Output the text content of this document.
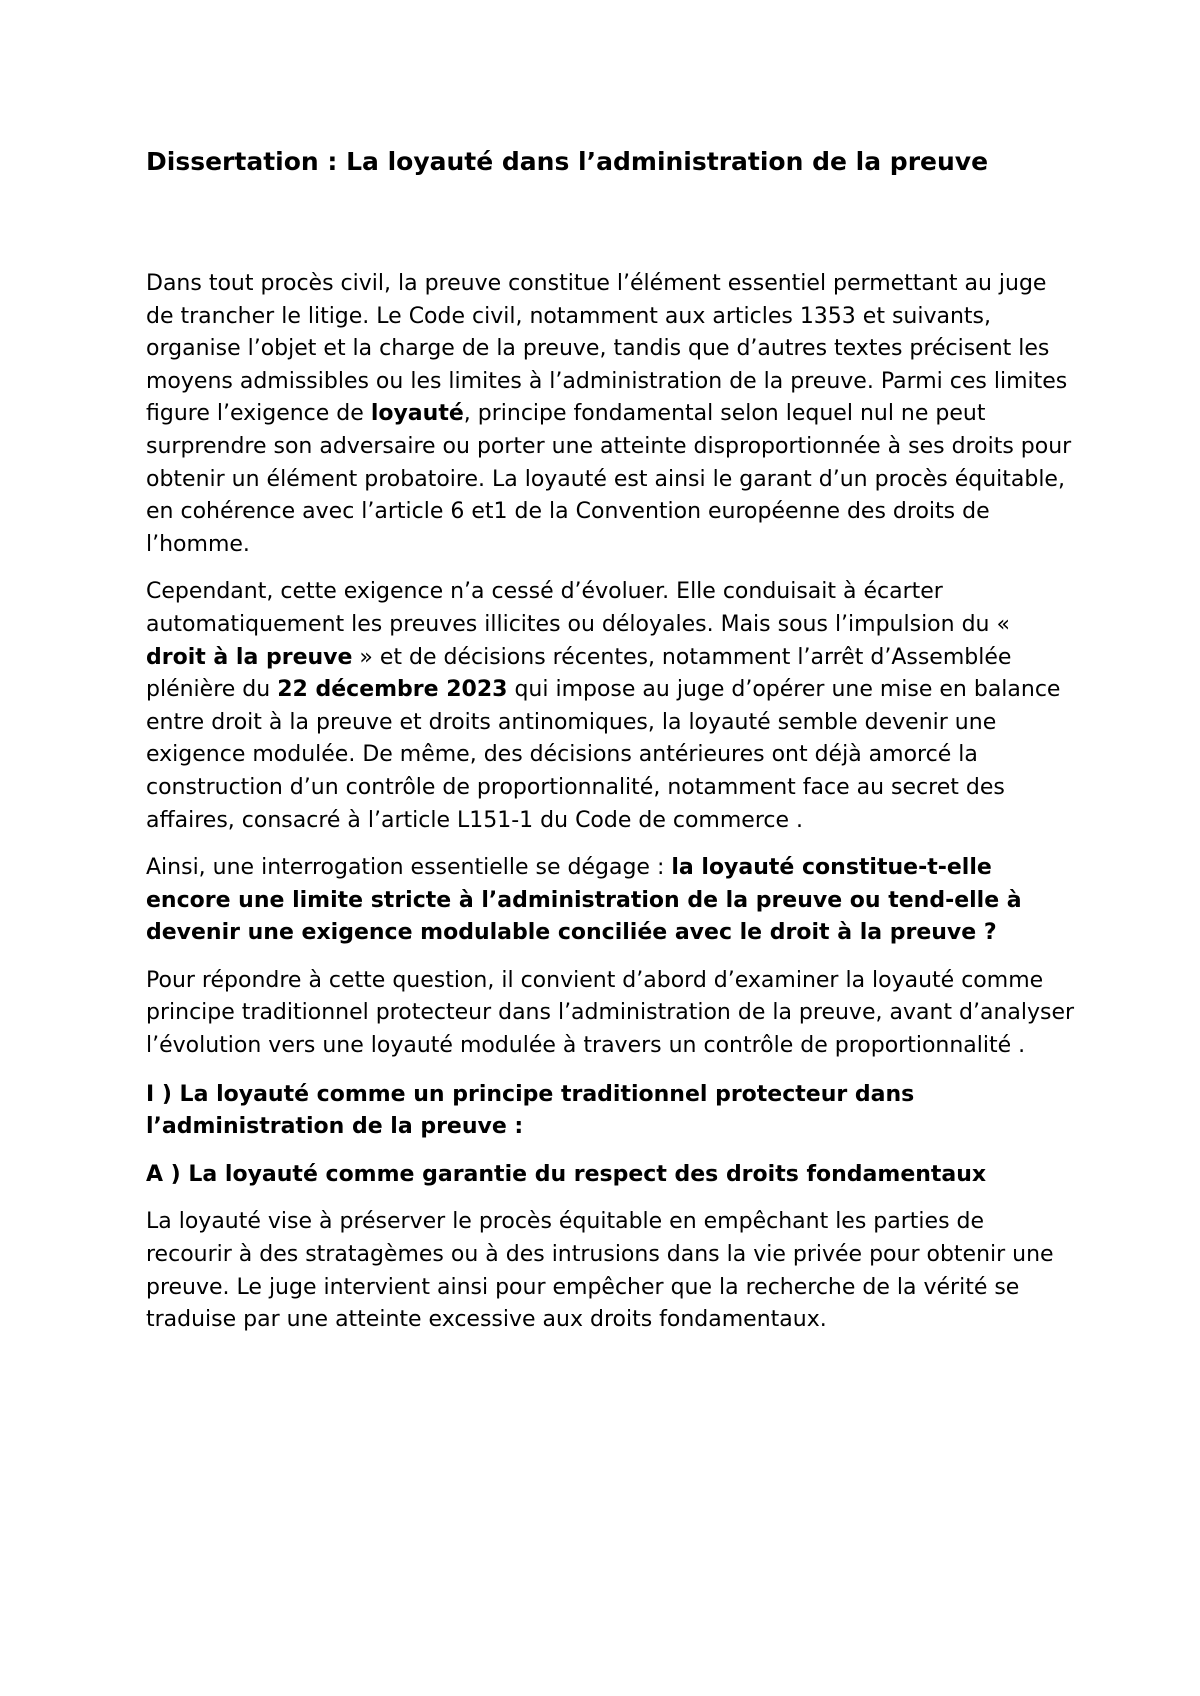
Dissertation : La loyauté dans l’administration de la preuve

Dans tout procès civil, la preuve constitue l’élément essentiel permettant au juge de trancher le litige. Le Code civil, notamment aux articles 1353 et suivants, organise l’objet et la charge de la preuve, tandis que d’autres textes précisent les moyens admissibles ou les limites à l’administration de la preuve. Parmi ces limites figure l’exigence de loyauté, principe fondamental selon lequel nul ne peut surprendre son adversaire ou porter une atteinte disproportionnée à ses droits pour obtenir un élément probatoire. La loyauté est ainsi le garant d’un procès équitable, en cohérence avec l’article 6 et1 de la Convention européenne des droits de l’homme.

Cependant, cette exigence n’a cessé d’évoluer. Elle conduisait à écarter automatiquement les preuves illicites ou déloyales. Mais sous l’impulsion du « droit à la preuve » et de décisions récentes, notamment l’arrêt d’Assemblée plénière du 22 décembre 2023 qui impose au juge d’opérer une mise en balance entre droit à la preuve et droits antinomiques, la loyauté semble devenir une exigence modulée. De même, des décisions antérieures ont déjà amorcé la construction d’un contrôle de proportionnalité, notamment face au secret des affaires, consacré à l’article L151-1 du Code de commerce .

Ainsi, une interrogation essentielle se dégage : la loyauté constitue-t-elle encore une limite stricte à l’administration de la preuve ou tend-elle à devenir une exigence modulable conciliée avec le droit à la preuve ?

Pour répondre à cette question, il convient d’abord d’examiner la loyauté comme principe traditionnel protecteur dans l’administration de la preuve, avant d’analyser l’évolution vers une loyauté modulée à travers un contrôle de proportionnalité .

I ) La loyauté comme un principe traditionnel protecteur dans l’administration de la preuve :

A ) La loyauté comme garantie du respect des droits fondamentaux

La loyauté vise à préserver le procès équitable en empêchant les parties de recourir à des stratagèmes ou à des intrusions dans la vie privée pour obtenir une preuve. Le juge intervient ainsi pour empêcher que la recherche de la vérité se traduise par une atteinte excessive aux droits fondamentaux.
